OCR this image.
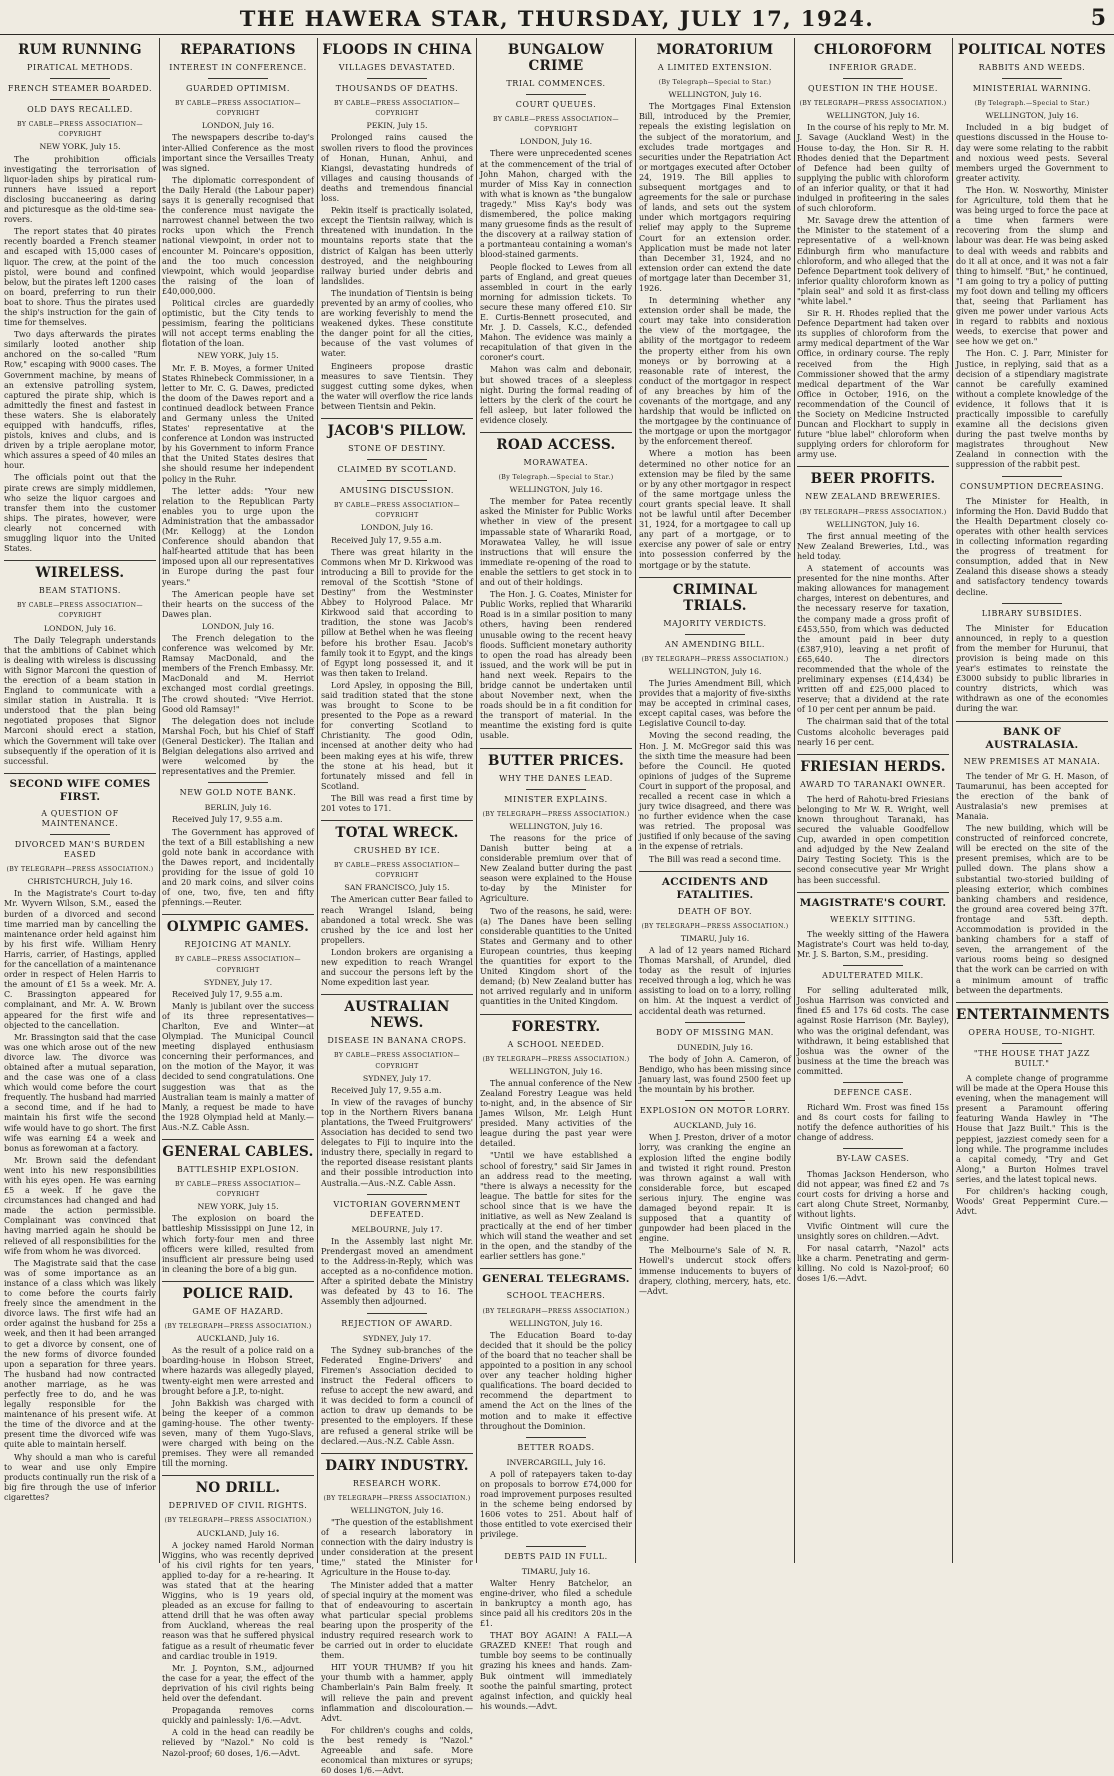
THE HAWERA STAR, THURSDAY, JULY 17, 1924.	5
RUM RUNNING
PIRATICAL METHODS.
FRENCH STEAMER BOARDED.
OLD DAYS RECALLED.
BY CABLE—PRESS ASSOCIATION—COPYRIGHT
NEW YORK, July 15.

The prohibition officials investigating the terrorisation of liquor-laden ships by piratical rum-runners have issued a report disclosing buccaneering as daring and picturesque as the old-time sea-rovers.

The report states that 40 pirates recently boarded a French steamer and escaped with 15,000 cases of liquor. The crew, at the point of the pistol, were bound and confined below, but the pirates left 1200 cases on board, preferring to run their boat to shore. Thus the pirates used the ship's instruction for the gain of time for themselves.

Two days afterwards the pirates similarly looted another ship anchored on the so-called "Rum Row," escaping with 9000 cases. The Government machine, by means of an extensive patrolling system, captured the pirate ship, which is admittedly the finest and fastest in these waters. She is elaborately equipped with handcuffs, rifles, pistols, knives and clubs, and is driven by a triple aeroplane motor, which assures a speed of 40 miles an hour.

The officials point out that the pirate crews are simply middlemen, who seize the liquor cargoes and transfer them into the customer ships. The pirates, however, were clearly not concerned with smuggling liquor into the United States.

WIRELESS.
BEAM STATIONS.
BY CABLE—PRESS ASSOCIATION—COPYRIGHT
LONDON, July 16.

The Daily Telegraph understands that the ambitions of Cabinet which is dealing with wireless is discussing with Signor Marconi the question of the erection of a beam station in England to communicate with a similar station in Australia. It is understood that the plan being negotiated proposes that Signor Marconi should erect a station, which the Government will take over subsequently if the operation of it is successful.

SECOND WIFE COMES FIRST.
A QUESTION OF MAINTENANCE.
DIVORCED MAN'S BURDEN EASED
(BY TELEGRAPH—PRESS ASSOCIATION.)
CHRISTCHURCH, July 16.

In the Magistrate's Court to-day Mr. Wyvern Wilson, S.M., eased the burden of a divorced and second time married man by cancelling the maintenance order held against him by his first wife. William Henry Harris, carrier, of Hastings, applied for the cancellation of a maintenance order in respect of Helen Harris to the amount of £1 5s a week. Mr. A. C. Brassington appeared for complainant, and Mr. A. W. Brown appeared for the first wife and objected to the cancellation.

Mr. Brassington said that the case was one which arose out of the new divorce law. The divorce was obtained after a mutual separation, and the case was one of a class which would come before the court frequently. The husband had married a second time, and if he had to maintain his first wife the second wife would have to go short. The first wife was earning £4 a week and bonus as forewoman at a factory.

Mr. Brown said the defendant went into his new responsibilities with his eyes open. He was earning £5 a week. If he gave the circumstances had changed and had made the action permissible. Complainant was convinced that having married again he should be relieved of all responsibilities for the wife from whom he was divorced.

The Magistrate said that the case was of some importance as an instance of a class which was likely to come before the courts fairly freely since the amendment in the divorce laws. The first wife had an order against the husband for 25s a week, and then it had been arranged to get a divorce by consent, one of the new forms of divorce founded upon a separation for three years. The husband had now contracted another marriage, as he was perfectly free to do, and he was legally responsible for the maintenance of his present wife. At the time of the divorce and at the present time the divorced wife was quite able to maintain herself.

Why should a man who is careful to wear and use only Empire products continually run the risk of a big fire through the use of inferior cigarettes?

REPARATIONS
INTEREST IN CONFERENCE.
GUARDED OPTIMISM.
BY CABLE—PRESS ASSOCIATION—COPYRIGHT
LONDON, July 16.

The newspapers describe to-day's inter-Allied Conference as the most important since the Versailles Treaty was signed.

The diplomatic correspondent of the Daily Herald (the Labour paper) says it is generally recognised that the conference must navigate the narrowest channel between the two rocks upon which the French national viewpoint, in order not to encounter M. Poincare's opposition, and the too much concession viewpoint, which would jeopardise the raising of the loan of £40,000,000.

Political circles are guardedly optimistic, but the City tends to pessimism, fearing the politicians will not accept terms enabling the flotation of the loan.

NEW YORK, July 15.

Mr. F. B. Moyes, a former United States Rhinebeck Commissioner, in a letter to Mr. C. G. Dawes, predicted the doom of the Dawes report and a continued deadlock between France and Germany unless the United States' representative at the conference at London was instructed by his Government to inform France that the United States desires that she should resume her independent policy in the Ruhr.

The letter adds: "Your new relation to the Republican Party enables you to urge upon the Administration that the ambassador (Mr. Kellogg) at the London Conference should abandon that half-hearted attitude that has been imposed upon all our representatives in Europe during the past four years."

The American people have set their hearts on the success of the Dawes plan.

LONDON, July 16.

The French delegation to the conference was welcomed by Mr. Ramsay MacDonald, and the members of the French Embassy. Mr. MacDonald and M. Herriot exchanged most cordial greetings. The crowd shouted: "Vive Herriot. Good old Ramsay!"

The delegation does not include Marshal Foch, but his Chief of Staff (General Desticker). The Italian and Belgian delegations also arrived and were welcomed by the representatives and the Premier.

NEW GOLD NOTE BANK.
BERLIN, July 16.

Received July 17, 9.55 a.m.

The Government has approved of the text of a Bill establishing a new gold note bank in accordance with the Dawes report, and incidentally providing for the issue of gold 10 and 20 mark coins, and silver coins of one, two, five, ten and fifty pfennings.—Reuter.

OLYMPIC GAMES.
REJOICING AT MANLY.
BY CABLE—PRESS ASSOCIATION—COPYRIGHT
SYDNEY, July 17.

Received July 17, 9.55 a.m.

Manly is jubilant over the success of its three representatives—Charlton, Eve and Winter—at Olympiad. The Municipal Council meeting displayed enthusiasm concerning their performances, and on the motion of the Mayor, it was decided to send congratulations. One suggestion was that as the Australian team is mainly a matter of Manly, a request be made to have the 1928 Olympiad held at Manly.—Aus.-N.Z. Cable Assn.

GENERAL CABLES.
BATTLESHIP EXPLOSION.
BY CABLE—PRESS ASSOCIATION—COPYRIGHT
NEW YORK, July 15.

The explosion on board the battleship Mississippi on June 12, in which forty-four men and three officers were killed, resulted from insufficient air pressure being used in cleaning the bore of a big gun.

POLICE RAID.
GAME OF HAZARD.
(BY TELEGRAPH—PRESS ASSOCIATION.)
AUCKLAND, July 16.

As the result of a police raid on a boarding-house in Hobson Street, where hazards was allegedly played, twenty-eight men were arrested and brought before a J.P., to-night.

John Bakkish was charged with being the keeper of a common gaming-house. The other twenty-seven, many of them Yugo-Slavs, were charged with being on the premises. They were all remanded till the morning.

NO DRILL.
DEPRIVED OF CIVIL RIGHTS.
(BY TELEGRAPH—PRESS ASSOCIATION.)
AUCKLAND, July 16.

A jockey named Harold Norman Wiggins, who was recently deprived of his civil rights for ten years, applied to-day for a re-hearing. It was stated that at the hearing Wiggins, who is 19 years old, pleaded as an excuse for failing to attend drill that he was often away from Auckland, whereas the real reason was that he suffered physical fatigue as a result of rheumatic fever and cardiac trouble in 1919.

Mr. J. Poynton, S.M., adjourned the case for a year, the effect of the deprivation of his civil rights being held over the defendant.

Propaganda removes corns quickly and painlessly: 1/6.—Advt.

A cold in the head can readily be relieved by "Nazol." No cold is Nazol-proof; 60 doses, 1/6.—Advt.

FLOODS IN CHINA
VILLAGES DEVASTATED.
THOUSANDS OF DEATHS.
BY CABLE—PRESS ASSOCIATION—COPYRIGHT
PEKIN, July 15.

Prolonged rains caused the swollen rivers to flood the provinces of Honan, Hunan, Anhui, and Kiangsi, devastating hundreds of villages and causing thousands of deaths and tremendous financial loss.

Pekin itself is practically isolated, except the Tientsin railway, which is threatened with inundation. In the mountains reports state that the district of Kalgan has been utterly destroyed, and the neighbouring railway buried under debris and landslides.

The inundation of Tientsin is being prevented by an army of coolies, who are working feverishly to mend the weakened dykes. These constitute the danger point for all the cities, because of the vast volumes of water.

Engineers propose drastic measures to save Tientsin. They suggest cutting some dykes, when the water will overflow the rice lands between Tientsin and Pekin.

JACOB'S PILLOW.
STONE OF DESTINY.
CLAIMED BY SCOTLAND.
AMUSING DISCUSSION.
BY CABLE—PRESS ASSOCIATION—COPYRIGHT
LONDON, July 16.

Received July 17, 9.55 a.m.

There was great hilarity in the Commons when Mr D. Kirkwood was introducing a Bill to provide for the removal of the Scottish "Stone of Destiny" from the Westminster Abbey to Holyrood Palace. Mr Kirkwood said that according to tradition, the stone was Jacob's pillow at Bethel when he was fleeing before his brother Esau. Jacob's family took it to Egypt, and the kings of Egypt long possessed it, and it was then taken to Ireland.

Lord Apsley, in opposing the Bill, said tradition stated that the stone was brought to Scone to be presented to the Pope as a reward for converting Scotland to Christianity. The good Odin, incensed at another deity who had been making eyes at his wife, threw the stone at his head, but it fortunately missed and fell in Scotland.

The Bill was read a first time by 201 votes to 171.

TOTAL WRECK.
CRUSHED BY ICE.
BY CABLE—PRESS ASSOCIATION—COPYRIGHT
SAN FRANCISCO, July 15.

The American cutter Bear failed to reach Wrangel Island, being abandoned a total wreck. She was crushed by the ice and lost her propellers.

London brokers are organising a new expedition to reach Wrangel and succour the persons left by the Nome expedition last year.

AUSTRALIAN NEWS.
DISEASE IN BANANA CROPS.
BY CABLE—PRESS ASSOCIATION—COPYRIGHT
SYDNEY, July 17.

Received July 17, 9.55 a.m.

In view of the ravages of bunchy top in the Northern Rivers banana plantations, the Tweed Fruitgrowers' Association has decided to send two delegates to Fiji to inquire into the industry there, specially in regard to the reported disease resistant plants and their possible introduction into Australia.—Aus.-N.Z. Cable Assn.

VICTORIAN GOVERNMENT DEFEATED.
MELBOURNE, July 17.

In the Assembly last night Mr. Prendergast moved an amendment to the Address-in-Reply, which was accepted as a no-confidence motion. After a spirited debate the Ministry was defeated by 43 to 16. The Assembly then adjourned.

REJECTION OF AWARD.
SYDNEY, July 17.

The Sydney sub-branches of the Federated Engine-Drivers' and Firemen's Association decided to instruct the Federal officers to refuse to accept the new award, and it was decided to form a council of action to draw up demands to be presented to the employers. If these are refused a general strike will be declared.—Aus.-N.Z. Cable Assn.

DAIRY INDUSTRY.
RESEARCH WORK.
(BY TELEGRAPH—PRESS ASSOCIATION.)
WELLINGTON, July 16.

"The question of the establishment of a research laboratory in connection with the dairy industry is under consideration at the present time," stated the Minister for Agriculture in the House to-day.

The Minister added that a matter of special inquiry at the moment was that of endeavouring to ascertain what particular special problems bearing upon the prosperity of the industry required research work to be carried out in order to elucidate them.

HIT YOUR THUMB? If you hit your thumb with a hammer, apply Chamberlain's Pain Balm freely. It will relieve the pain and prevent inflammation and discolouration.—Advt.

For children's coughs and colds, the best remedy is "Nazol." Agreeable and safe. More economical than mixtures or syrups; 60 doses 1/6.—Advt.

BUNGALOW CRIME
TRIAL COMMENCES.
COURT QUEUES.
BY CABLE—PRESS ASSOCIATION—COPYRIGHT
LONDON, July 16.

There were unprecedented scenes at the commencement of the trial of John Mahon, charged with the murder of Miss Kay in connection with what is known as "the bungalow tragedy." Miss Kay's body was dismembered, the police making many gruesome finds as the result of the discovery at a railway station of a portmanteau containing a woman's blood-stained garments.

People flocked to Lewes from all parts of England, and great queues assembled in court in the early morning for admission tickets. To secure these many offered £10. Sir E. Curtis-Bennett prosecuted, and Mr. J. D. Cassels, K.C., defended Mahon. The evidence was mainly a recapitulation of that given in the coroner's court.

Mahon was calm and debonair, but showed traces of a sleepless night. During the formal reading of letters by the clerk of the court he fell asleep, but later followed the evidence closely.

ROAD ACCESS.
MORAWATEA.
(By Telegraph.—Special to Star.)
WELLINGTON, July 16.

The member for Patea recently asked the Minister for Public Works whether in view of the present impassable state of Wharariki Road, Morawatea Valley, he will issue instructions that will ensure the immediate re-opening of the road to enable the settlers to get stock in to and out of their holdings.

The Hon. J. G. Coates, Minister for Public Works, replied that Wharariki Road is in a similar position to many others, having been rendered unusable owing to the recent heavy floods. Sufficient monetary authority to open the road has already been issued, and the work will be put in hand next week. Repairs to the bridge cannot be undertaken until about November next, when the roads should be in a fit condition for the transport of material. In the meantime the existing ford is quite usable.

BUTTER PRICES.
WHY THE DANES LEAD.
MINISTER EXPLAINS.
(BY TELEGRAPH—PRESS ASSOCIATION.)
WELLINGTON, July 16.

The reasons for the price of Danish butter being at a considerable premium over that of New Zealand butter during the past season were explained to the House to-day by the Minister for Agriculture.

Two of the reasons, he said, were: (a) The Danes have been selling considerable quantities to the United States and Germany and to other European countries, thus keeping the quantities for export to the United Kingdom short of the demand; (b) New Zealand butter has not arrived regularly and in uniform quantities in the United Kingdom.

FORESTRY.
A SCHOOL NEEDED.
(BY TELEGRAPH—PRESS ASSOCIATION.)
WELLINGTON, July 16.

The annual conference of the New Zealand Forestry League was held to-night, and, in the absence of Sir James Wilson, Mr. Leigh Hunt presided. Many activities of the league during the past year were detailed.

"Until we have established a school of forestry," said Sir James in an address read to the meeting, "there is always a necessity for the league. The battle for sites for the school since that is we have the initiative, as well as New Zealand is practically at the end of her timber which will stand the weather and set in the open, and the standby of the earlier settlers has gone."

GENERAL TELEGRAMS.
SCHOOL TEACHERS.
(BY TELEGRAPH—PRESS ASSOCIATION.)
WELLINGTON, July 16.

The Education Board to-day decided that it should be the policy of the board that no teacher shall be appointed to a position in any school over any teacher holding higher qualifications. The board decided to recommend the department to amend the Act on the lines of the motion and to make it effective throughout the Dominion.

BETTER ROADS.
INVERCARGILL, July 16.

A poll of ratepayers taken to-day on proposals to borrow £74,000 for road improvement purposes resulted in the scheme being endorsed by 1606 votes to 251. About half of those entitled to vote exercised their privilege.

DEBTS PAID IN FULL.
TIMARU, July 16.

Walter Henry Batchelor, an engine-driver, who filed a schedule in bankruptcy a month ago, has since paid all his creditors 20s in the £1.

THAT BOY AGAIN! A FALL—A GRAZED KNEE! That rough and tumble boy seems to be continually grazing his knees and hands. Zam-Buk ointment will immediately soothe the painful smarting, protect against infection, and quickly heal his wounds.—Advt.

MORATORIUM
A LIMITED EXTENSION.
(By Telegraph—Special to Star.)
WELLINGTON, July 16.

The Mortgages Final Extension Bill, introduced by the Premier, repeals the existing legislation on the subject of the moratorium, and excludes trade mortgages and securities under the Repatriation Act or mortgages executed after October 24, 1919. The Bill applies to subsequent mortgages and to agreements for the sale or purchase of lands, and sets out the system under which mortgagors requiring relief may apply to the Supreme Court for an extension order. Application must be made not later than December 31, 1924, and no extension order can extend the date of mortgage later than December 31, 1926.

In determining whether any extension order shall be made, the court may take into consideration the view of the mortgagee, the ability of the mortgagor to redeem the property either from his own moneys or by borrowing at a reasonable rate of interest, the conduct of the mortgagor in respect of any breaches by him of the covenants of the mortgage, and any hardship that would be inflicted on the mortgagee by the continuance of the mortgage or upon the mortgagor by the enforcement thereof.

Where a motion has been determined no other notice for an extension may be filed by the same or by any other mortgagor in respect of the same mortgage unless the court grants special leave. It shall not be lawful until after December 31, 1924, for a mortgagee to call up any part of a mortgage, or to exercise any power of sale or entry into possession conferred by the mortgage or by the statute.

CRIMINAL TRIALS.
MAJORITY VERDICTS.
AN AMENDING BILL.
(BY TELEGRAPH—PRESS ASSOCIATION.)
WELLINGTON, July 16.

The Juries Amendment Bill, which provides that a majority of five-sixths may be accepted in criminal cases, except capital cases, was before the Legislative Council to-day.

Moving the second reading, the Hon. J. M. McGregor said this was the sixth time the measure had been before the Council. He quoted opinions of judges of the Supreme Court in support of the proposal, and recalled a recent case in which a jury twice disagreed, and there was no further evidence when the case was retried. The proposal was justified if only because of the saving in the expense of retrials.

The Bill was read a second time.

ACCIDENTS AND FATALITIES.
DEATH OF BOY.
(BY TELEGRAPH—PRESS ASSOCIATION.)
TIMARU, July 16.

A lad of 12 years named Richard Thomas Marshall, of Arundel, died today as the result of injuries received through a log, which he was assisting to load on to a lorry, rolling on him. At the inquest a verdict of accidental death was returned.

BODY OF MISSING MAN.
DUNEDIN, July 16.

The body of John A. Cameron, of Bendigo, who has been missing since January last, was found 2500 feet up the mountain by his brother.

EXPLOSION ON MOTOR LORRY.
AUCKLAND, July 16.

When J. Preston, driver of a motor lorry, was cranking the engine an explosion lifted the engine bodily and twisted it right round. Preston was thrown against a wall with considerable force, but escaped serious injury. The engine was damaged beyond repair. It is supposed that a quantity of gunpowder had been placed in the engine.

The Melbourne's Sale of N. R. Howell's undercut stock offers immense inducements to buyers of drapery, clothing, mercery, hats, etc.—Advt.

CHLOROFORM
INFERIOR GRADE.
QUESTION IN THE HOUSE.
(BY TELEGRAPH—PRESS ASSOCIATION.)
WELLINGTON, July 16.

In the course of his reply to Mr. M. J. Savage (Auckland West) in the House to-day, the Hon. Sir R. H. Rhodes denied that the Department of Defence had been guilty of supplying the public with chloroform of an inferior quality, or that it had indulged in profiteering in the sales of such chloroform.

Mr. Savage drew the attention of the Minister to the statement of a representative of a well-known Edinburgh firm who manufacture chloroform, and who alleged that the Defence Department took delivery of inferior quality chloroform known as "plain seal" and sold it as first-class "white label."

Sir R. H. Rhodes replied that the Defence Department had taken over its supplies of chloroform from the army medical department of the War Office, in ordinary course. The reply received from the High Commissioner showed that the army medical department of the War Office in October, 1916, on the recommendation of the Council of the Society on Medicine Instructed Duncan and Flockhart to supply in future "blue label" chloroform when supplying orders for chloroform for army use.

BEER PROFITS.
NEW ZEALAND BREWERIES.
(BY TELEGRAPH—PRESS ASSOCIATION.)
WELLINGTON, July 16.

The first annual meeting of the New Zealand Breweries, Ltd., was held today.

A statement of accounts was presented for the nine months. After making allowances for management charges, interest on debentures, and the necessary reserve for taxation, the company made a gross profit of £453,550, from which was deducted the amount paid in beer duty (£387,910), leaving a net profit of £65,640. The directors recommended that the whole of the preliminary expenses (£14,434) be written off and £25,000 placed to reserve; that a dividend at the rate of 10 per cent per annum be paid.

The chairman said that of the total Customs alcoholic beverages paid nearly 16 per cent.

FRIESIAN HERDS.
AWARD TO TARANAKI OWNER.

The herd of Rahotu-bred Friesians belonging to Mr W. R. Wright, well known throughout Taranaki, has secured the valuable Goodfellow Cup, awarded in open competition and adjudged by the New Zealand Dairy Testing Society. This is the second consecutive year Mr Wright has been successful.

MAGISTRATE'S COURT.
WEEKLY SITTING.

The weekly sitting of the Hawera Magistrate's Court was held to-day, Mr. J. S. Barton, S.M., presiding.

ADULTERATED MILK.

For selling adulterated milk, Joshua Harrison was convicted and fined £5 and 17s 6d costs. The case against Rosie Harrison (Mr. Bayley), who was the original defendant, was withdrawn, it being established that Joshua was the owner of the business at the time the breach was committed.

DEFENCE CASE.

Richard Wm. Frost was fined 15s and 8s court costs for failing to notify the defence authorities of his change of address.

BY-LAW CASES.

Thomas Jackson Henderson, who did not appear, was fined £2 and 7s court costs for driving a horse and cart along Chute Street, Normanby, without lights.

Vivific Ointment will cure the unsightly sores on children.—Advt.

For nasal catarrh, "Nazol" acts like a charm. Penetrating and germ-killing. No cold is Nazol-proof; 60 doses 1/6.—Advt.

POLITICAL NOTES
RABBITS AND WEEDS.
MINISTERIAL WARNING.
(By Telegraph.—Special to Star.)
WELLINGTON, July 16.

Included in a big budget of questions discussed in the House to-day were some relating to the rabbit and noxious weed pests. Several members urged the Government to greater activity.

The Hon. W. Nosworthy, Minister for Agriculture, told them that he was being urged to force the pace at a time when farmers were recovering from the slump and labour was dear. He was being asked to deal with weeds and rabbits and do it all at once, and it was not a fair thing to himself. "But," he continued, "I am going to try a policy of putting my foot down and telling my officers that, seeing that Parliament has given me power under various Acts in regard to rabbits and noxious weeds, to exercise that power and see how we get on."

The Hon. C. J. Parr, Minister for Justice, in replying, said that as a decision of a stipendiary magistrate cannot be carefully examined without a complete knowledge of the evidence, it follows that it is practically impossible to carefully examine all the decisions given during the past twelve months by magistrates throughout New Zealand in connection with the suppression of the rabbit pest.

CONSUMPTION DECREASING.

The Minister for Health, in informing the Hon. David Buddo that the Health Department closely co-operates with other health services in collecting information regarding the progress of treatment for consumption, added that in New Zealand this disease shows a steady and satisfactory tendency towards decline.

LIBRARY SUBSIDIES.

The Minister for Education announced, in reply to a question from the member for Hurunui, that provision is being made on this year's estimates to reinstate the £3000 subsidy to public libraries in country districts, which was withdrawn as one of the economies during the war.

BANK OF AUSTRALASIA.
NEW PREMISES AT MANAIA.

The tender of Mr G. H. Mason, of Taumarunui, has been accepted for the erection of the bank of Australasia's new premises at Manaia.

The new building, which will be constructed of reinforced concrete, will be erected on the site of the present premises, which are to be pulled down. The plans show a substantial two-storied building of pleasing exterior, which combines banking chambers and residence, the ground area covered being 37ft. frontage and 53ft. depth. Accommodation is provided in the banking chambers for a staff of seven, the arrangement of the various rooms being so designed that the work can be carried on with a minimum amount of traffic between the departments.

ENTERTAINMENTS
OPERA HOUSE, TO-NIGHT.
"THE HOUSE THAT JAZZ BUILT."

A complete change of programme will be made at the Opera House this evening, when the management will present a Paramount offering featuring Wanda Hawley in "The House that Jazz Built." This is the peppiest, jazziest comedy seen for a long while. The programme includes a capital comedy, "Try and Get Along," a Burton Holmes travel series, and the latest topical news.

For children's hacking cough, Woods' Great Peppermint Cure.—Advt.
